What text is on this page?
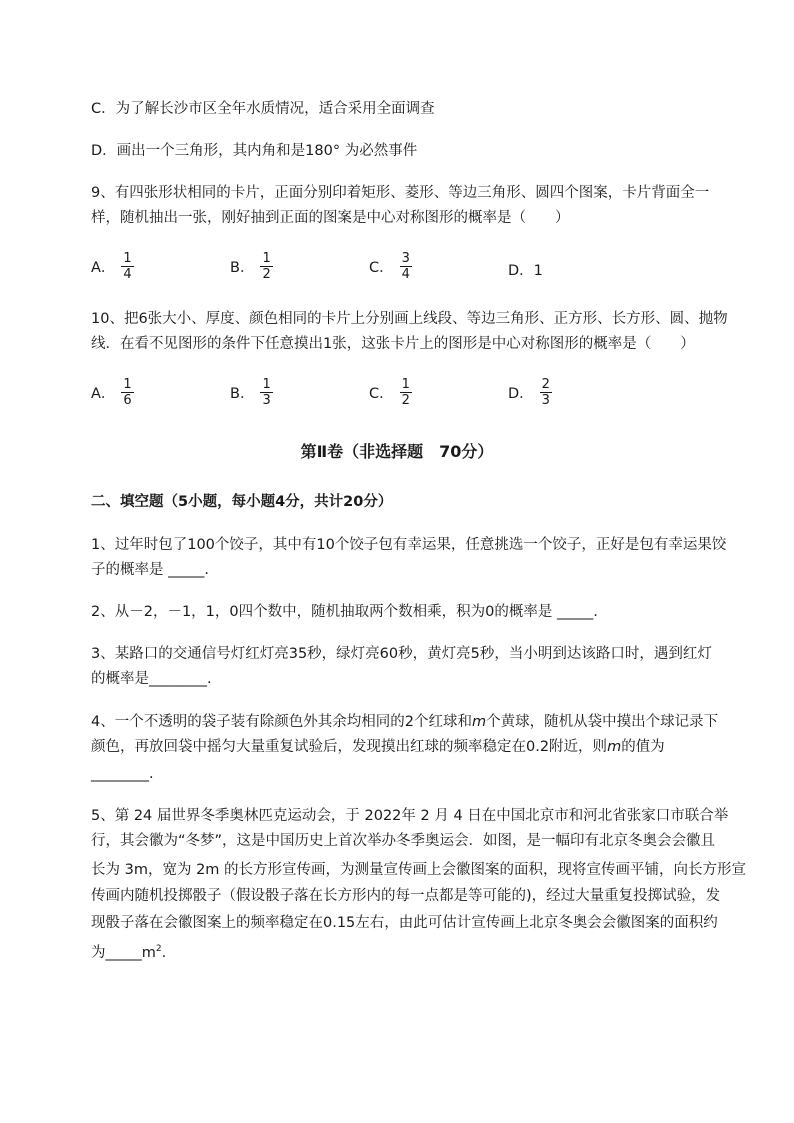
C．为了解长沙市区全年水质情况，适合采用全面调查
D．画出一个三角形，其内角和是180° 为必然事件
9、有四张形状相同的卡片，正面分别印着矩形、菱形、等边三角形、圆四个图案，卡片背面全一
样，随机抽出一张，刚好抽到正面的图案是中心对称图形的概率是（　　）
A． $\frac{1}{4}$	B． $\frac{1}{2}$	C． $\frac{3}{4}$	D．1
10、把6张大小、厚度、颜色相同的卡片上分别画上线段、等边三角形、正方形、长方形、圆、抛物
线．在看不见图形的条件下任意摸出1张，这张卡片上的图形是中心对称图形的概率是（　　）
A． $\frac{1}{6}$	B． $\frac{1}{3}$	C． $\frac{1}{2}$	D． $\frac{2}{3}$
第Ⅱ卷（非选择题　70分）
二、填空题（5小题，每小题4分，共计20分）
1、过年时包了100个饺子，其中有10个饺子包有幸运果，任意挑选一个饺子，正好是包有幸运果饺
子的概率是 _____.
2、从－2，－1，1，0四个数中，随机抽取两个数相乘，积为0的概率是 _____.
3、某路口的交通信号灯红灯亮35秒，绿灯亮60秒，黄灯亮5秒，当小明到达该路口时，遇到红灯
的概率是________.
4、一个不透明的袋子装有除颜色外其余均相同的2个红球和m个黄球，随机从袋中摸出个球记录下
颜色，再放回袋中摇匀大量重复试验后，发现摸出红球的频率稳定在0.2附近，则m的值为
________.
5、第 24 届世界冬季奥林匹克运动会，于 2022年 2 月 4 日在中国北京市和河北省张家口市联合举
行，其会徽为“冬梦”，这是中国历史上首次举办冬季奥运会．如图，是一幅印有北京冬奥会会徽且
长为 3m，宽为 2m 的长方形宣传画，为测量宣传画上会徽图案的面积，现将宣传画平铺，向长方形宣
传画内随机投掷骰子（假设骰子落在长方形内的每一点都是等可能的)，经过大量重复投掷试验，发
现骰子落在会徽图案上的频率稳定在0.15左右，由此可估计宣传画上北京冬奥会会徽图案的面积约
为$\_\_\_\_\_m^2$.
